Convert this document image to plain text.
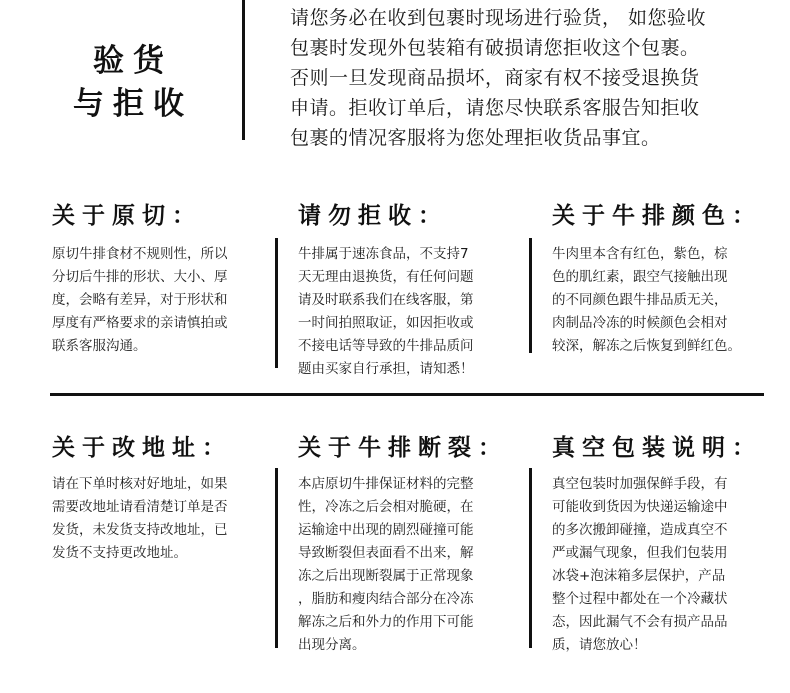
验货
与拒收
请您务必在收到包裹时现场进行验货， 如您验收
包裹时发现外包装箱有破损请您拒收这个包裹。
否则一旦发现商品损坏，商家有权不接受退换货
申请。拒收订单后，请您尽快联系客服告知拒收
包裹的情况客服将为您处理拒收货品事宜。
关于原切：	请勿拒收：	关于牛排颜色：
原切牛排食材不规则性，所以
分切后牛排的形状、大小、厚
度，会略有差异，对于形状和
厚度有严格要求的亲请慎拍或
联系客服沟通。
牛排属于速冻食品，不支持7
天无理由退换货，有任何问题
请及时联系我们在线客服，第
一时间拍照取证，如因拒收或
不接电话等导致的牛排品质问
题由买家自行承担，请知悉！
牛肉里本含有红色，紫色，棕
色的肌红素，跟空气接触出现
的不同颜色跟牛排品质无关，
肉制品冷冻的时候颜色会相对
较深，解冻之后恢复到鲜红色。
关于改地址：	关于牛排断裂： 真空包装说明：
请在下单时核对好地址，如果
需要改地址请看清楚订单是否
发货，未发货支持改地址，已
发货不支持更改地址。
本店原切牛排保证材料的完整
性，冷冻之后会相对脆硬，在
运输途中出现的剧烈碰撞可能
导致断裂但表面看不出来，解
冻之后出现断裂属于正常现象
，脂肪和瘦肉结合部分在冷冻
解冻之后和外力的作用下可能
出现分离。
真空包装时加强保鲜手段，有
可能收到货因为快递运输途中
的多次搬卸碰撞，造成真空不
严或漏气现象，但我们包装用
冰袋+泡沫箱多层保护，产品
整个过程中都处在一个冷藏状
态，因此漏气不会有损产品品
质，请您放心！
